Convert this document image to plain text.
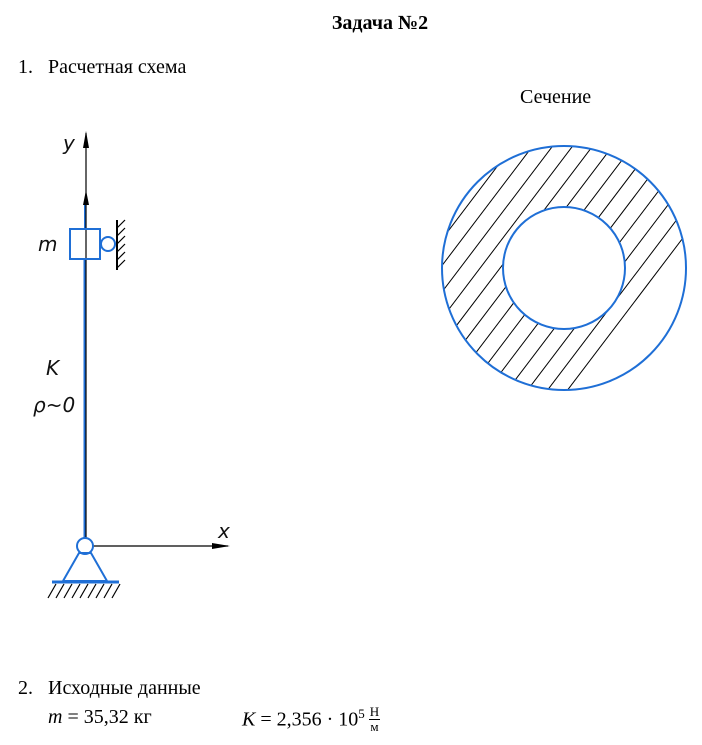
Задача №2
1. Расчетная схема
Сечение
y
m
K
ρ~0
x
2. Исходные данные
m = 35,32 кг	$K = 2,356 \cdot 10^5 \frac{Н}{м}$
